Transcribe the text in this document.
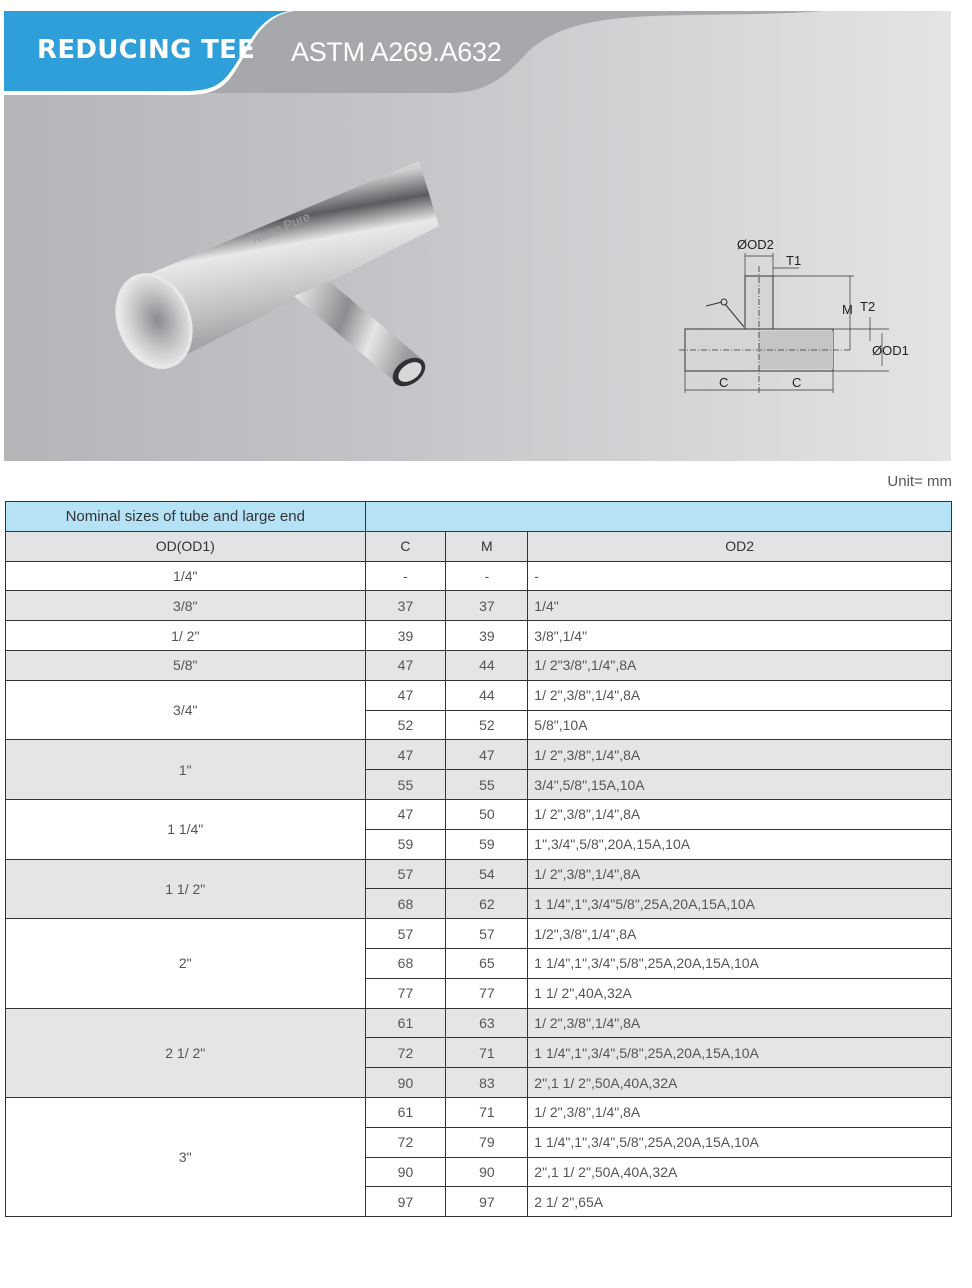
REDUCING TEE ASTM A269.A632
Nano Pure	ØOD2
T1
M T2
ØOD1
C	C
Unit= mm
Nominal sizes of tube and large end			
OD(OD1)	C	M	OD2
1/4"	-	-	-
3/8"	37	37	1/4"
1/ 2"	39	39	3/8",1/4"
5/8"	47	44	1/ 2"3/8",1/4",8A
3/4"	47	44	1/ 2",3/8",1/4",8A
	52	52	5/8",10A
1"	47	47	1/ 2",3/8",1/4",8A
	55	55	3/4",5/8",15A,10A
1 1/4"	47	50	1/ 2",3/8",1/4",8A
	59	59	1",3/4",5/8",20A,15A,10A
1 1/ 2"	57	54	1/ 2",3/8",1/4",8A
	68	62	1 1/4",1",3/4"5/8",25A,20A,15A,10A
2"	57	57	1/2",3/8",1/4",8A
	68	65	1 1/4",1",3/4",5/8",25A,20A,15A,10A
	77	77	1 1/ 2",40A,32A
2 1/ 2"	61	63	1/ 2",3/8",1/4",8A
	72	71	1 1/4",1",3/4",5/8",25A,20A,15A,10A
	90	83	2",1 1/ 2",50A,40A,32A
3"	61	71	1/ 2",3/8",1/4",8A
	72	79	1 1/4",1",3/4",5/8",25A,20A,15A,10A
	90	90	2",1 1/ 2",50A,40A,32A
	97	97	2 1/ 2",65A
